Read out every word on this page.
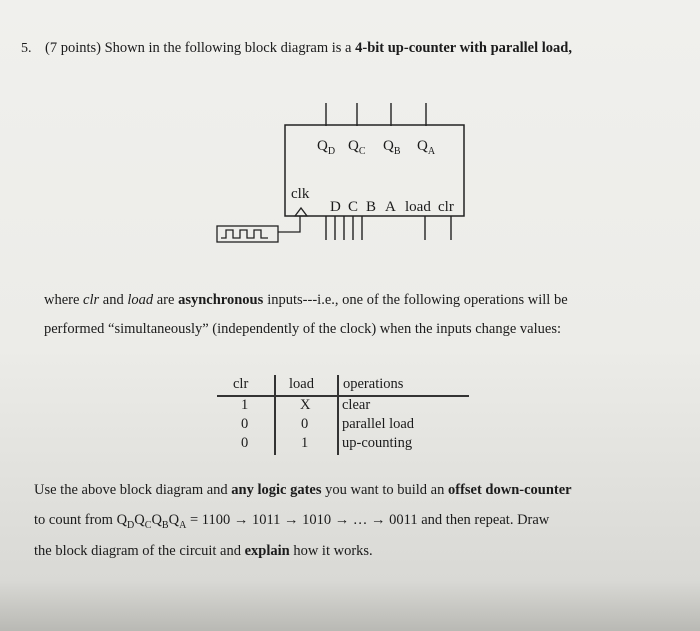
5. (7 points) Shown in the following block diagram is a 4-bit up-counter with parallel load,
$Q_D$ $Q_C$ $Q_B$ $Q_A$
clk
D C B A load clr
where clr and load are asynchronous inputs---i.e., one of the following operations will be
performed “simultaneously” (independently of the clock) when the inputs change values:
clr	load operations
1	X clear
0	0 parallel load
0	1 up-counting
Use the above block diagram and any logic gates you want to build an offset down-counter
to count from $Q_DQ_CQ_BQ_A = 1100 \to 1011 \to 1010$ → … → 0011 and then repeat. Draw
the block diagram of the circuit and explain how it works.
